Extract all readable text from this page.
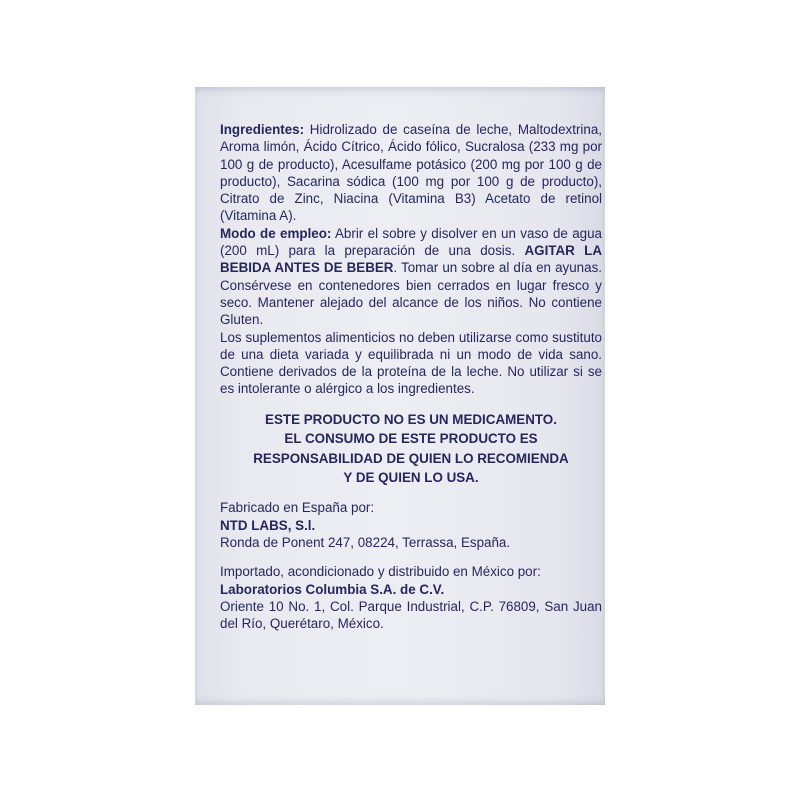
Ingredientes: Hidrolizado de caseína de leche, Maltodextrina, Aroma limón, Ácido Cítrico, Ácido fólico, Sucralosa (233 mg por 100 g de producto), Acesulfame potásico (200 mg por 100 g de producto), Sacarina sódica (100 mg por 100 g de producto), Citrato de Zinc, Niacina (Vitamina B3) Acetato de retinol (Vitamina A).

Modo de empleo: Abrir el sobre y disolver en un vaso de agua (200 mL) para la preparación de una dosis. AGITAR LA BEBIDA ANTES DE BEBER. Tomar un sobre al día en ayunas. Consérvese en contenedores bien cerrados en lugar fresco y seco. Mantener alejado del alcance de los niños. No contiene Gluten.

Los suplementos alimenticios no deben utilizarse como sustituto de una dieta variada y equilibrada ni un modo de vida sano. Contiene derivados de la proteína de la leche. No utilizar si se es intolerante o alérgico a los ingredientes.

ESTE PRODUCTO NO ES UN MEDICAMENTO.
EL CONSUMO DE ESTE PRODUCTO ES
RESPONSABILIDAD DE QUIEN LO RECOMIENDA
Y DE QUIEN LO USA.
Fabricado en España por:
NTD LABS, S.l.
Ronda de Ponent 247, 08224, Terrassa, España.
Importado, acondicionado y distribuido en México por:
Laboratorios Columbia S.A. de C.V.
Oriente 10 No. 1, Col. Parque Industrial, C.P. 76809, San Juan del Río, Querétaro, México.
